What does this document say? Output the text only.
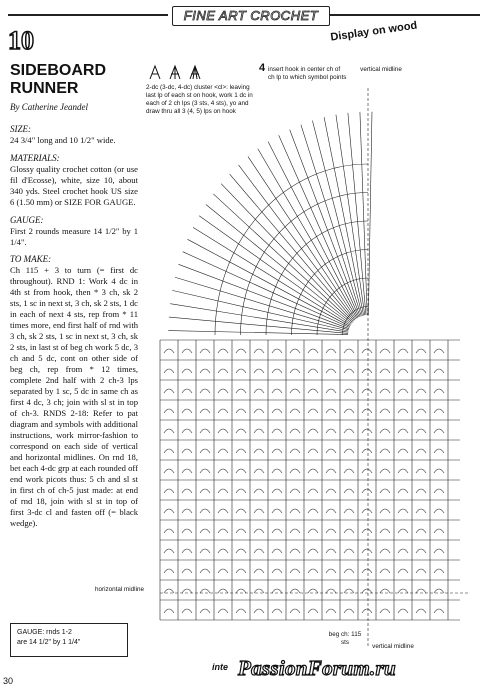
FINE ART CROCHET
10	Display on wood
SIDEBOARD
RUNNER
By Catherine Jeandel
SIZE:
24 3/4" long and 10 1/2" wide.
MATERIALS:
Glossy quality crochet cotton (or use fil d'Ecosse), white, size 10, about 340 yds. Steel crochet hook US size 6 (1.50 mm) or SIZE FOR GAUGE.
GAUGE:
First 2 rounds measure 14 1/2" by 1 1/4".
TO MAKE:
Ch 115 + 3 to turn (= first dc throughout). RND 1: Work 4 dc in 4th st from hook, then * 3 ch, sk 2 sts, 1 sc in next st, 3 ch, sk 2 sts, 1 dc in each of next 4 sts, rep from * 11 times more, end first half of rnd with 3 ch, sk 2 sts, 1 sc in next st, 3 ch, sk 2 sts, in last st of beg ch work 5 dc, 3 ch and 5 dc, cont on other side of beg ch, rep from * 12 times, complete 2nd half with 2 ch-3 lps separated by 1 sc, 5 dc in same ch as first 4 dc, 3 ch; join with sl st in top of ch-3. RNDS 2-18: Refer to pat diagram and symbols with additional instructions, work mirror-fashion to correspond on each side of vertical and horizontal midlines. On rnd 18, bet each 4-dc grp at each rounded off end work picots thus: 5 ch and sl st in first ch of ch-5 just made: at end of rnd 18, join with sl st in top of first 3-dc cl and fasten off (= black wedge).
2-dc (3-dc, 4-dc) cluster <cl>: leaving last lp of each st on hook, work 1 dc in each of 2 ch lps (3 sts, 4 sts), yo and draw thru all 3 (4, 5) lps on hook
4 insert hook in center ch of ch lp to which symbol points
vertical midline
horizontal midline
beg ch: 115 sts
vertical midline
GAUGE: rnds 1-2
are 14 1/2" by 1 1/4"
30
inte PassionForum.ru
